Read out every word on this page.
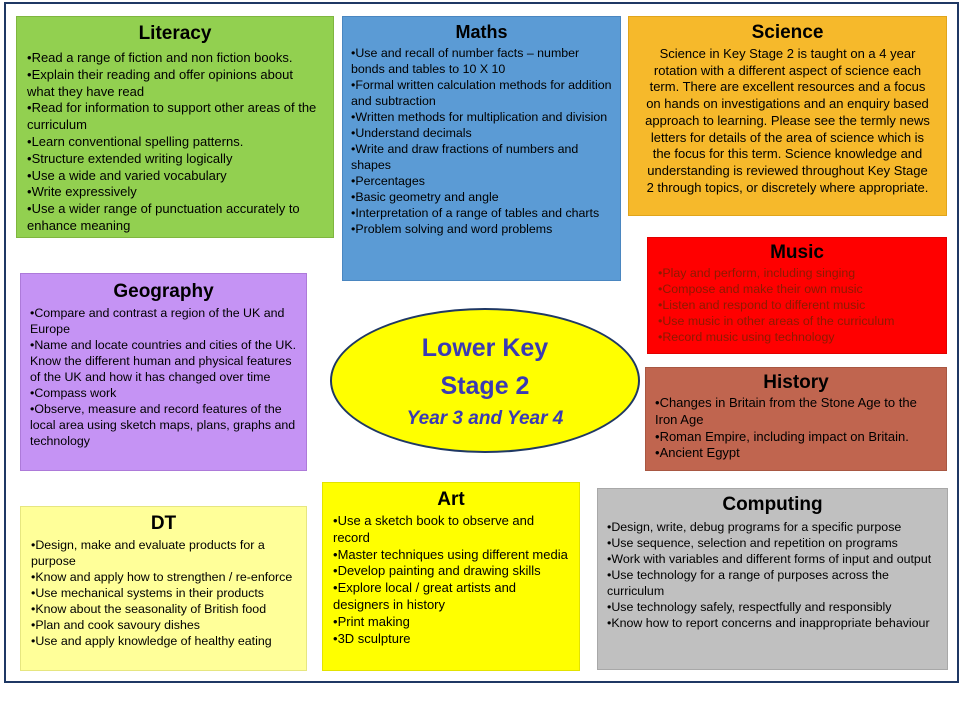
Literacy
• Read a range of fiction and non fiction books.
• Explain their reading and offer opinions about what they have read
• Read for information to support other areas of the curriculum
• Learn conventional spelling patterns.
• Structure extended writing logically
• Use a wide and varied vocabulary
• Write expressively
• Use a wider range of punctuation accurately to enhance meaning
Maths
• Use and recall of number facts – number bonds and tables to 10 X 10
• Formal written calculation methods for addition and subtraction
• Written methods for multiplication and division
• Understand decimals
• Write and draw fractions of numbers and shapes
• Percentages
• Basic geometry and angle
• Interpretation of a range of tables and charts
• Problem solving and word problems
Science

Science in Key Stage 2 is taught on a 4 year rotation with a different aspect of science each term. There are excellent resources and a focus on hands on investigations and an enquiry based approach to learning. Please see the termly news letters for details of the area of science which is the focus for this term. Science knowledge and understanding is reviewed throughout Key Stage 2 through topics, or discretely where appropriate.

Music
• Play and perform, including singing
• Compose and make their own music
• Listen and respond to different music
• Use music in other areas of the curriculum
• Record music using technology
History
• Changes in Britain from the Stone Age to the Iron Age
• Roman Empire, including impact on Britain.
• Ancient Egypt
Geography
• Compare and contrast a region of the UK and Europe
• Name and locate countries and cities of the UK. Know the different human and physical features of the UK and how it has changed over time
• Compass work
• Observe, measure and record features of the local area using sketch maps, plans, graphs and technology
Lower Key
Stage 2
Year 3 and Year 4
DT
• Design, make and evaluate products for a purpose
• Know and apply how to strengthen / re-enforce
• Use mechanical systems in their products
• Know about the seasonality of British food
• Plan and cook savoury dishes
• Use and apply knowledge of healthy eating
Art
• Use a sketch book to observe and record
• Master techniques using different media
• Develop painting and drawing skills
• Explore local / great artists and designers in history
• Print making
• 3D sculpture
Computing
• Design, write, debug programs for a specific purpose
• Use sequence, selection and repetition on programs
• Work with variables and different forms of input and output
• Use technology for a range of purposes across the curriculum
• Use technology safely, respectfully and responsibly
• Know how to report concerns and inappropriate behaviour
